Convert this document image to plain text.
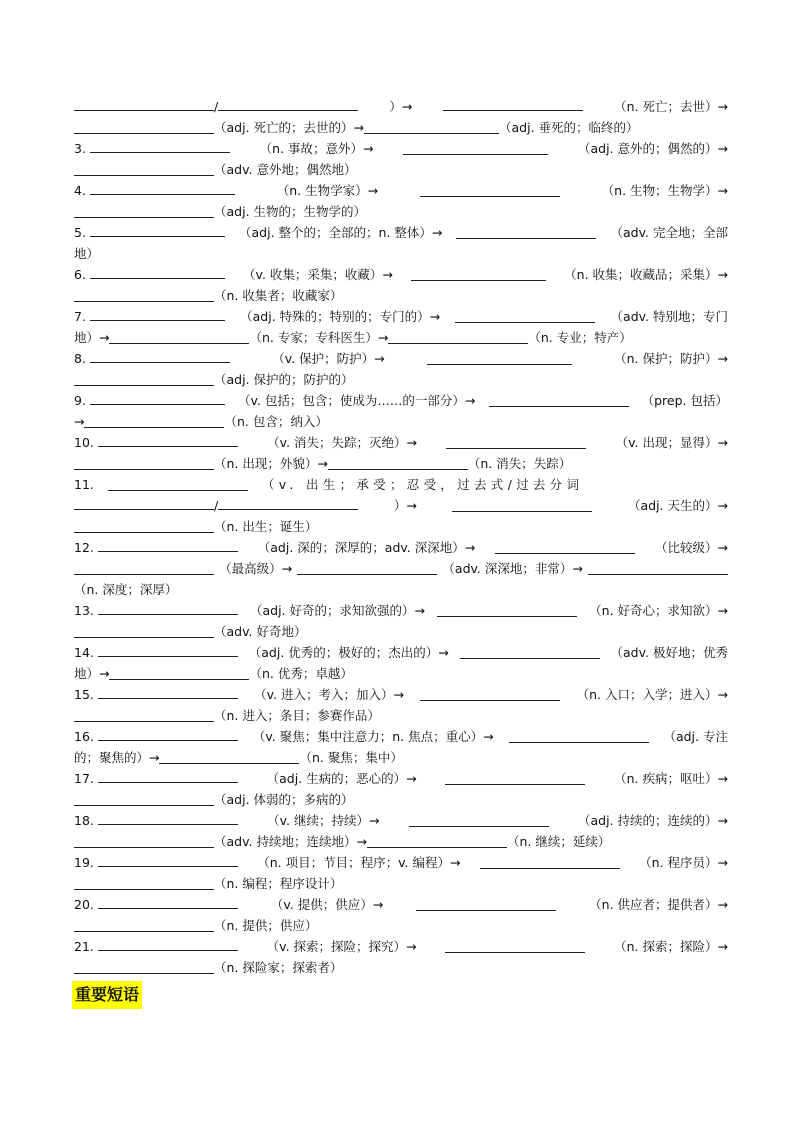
/	）→	（n. 死亡；去世）→
（adj. 死亡的；去世的）→	（adj. 垂死的；临终的）
3.	（n. 事故；意外）→	（adj. 意外的；偶然的）→
（adv. 意外地；偶然地）
4.	（n. 生物学家）→	（n. 生物；生物学）→
（adj. 生物的；生物学的）
5.	（adj. 整个的；全部的；n. 整体）→	（adv. 完全地；全部
地）
6.	（v. 收集；采集；收藏）→	（n. 收集；收藏品；采集）→
（n. 收集者；收藏家）
7.	（adj. 特殊的；特别的；专门的）→	（adv. 特别地；专门
地）→	（n. 专家；专科医生）→	（n. 专业；特产）
8.	（v. 保护；防护）→	（n. 保护；防护）→
（adj. 保护的；防护的）
9.	（v. 包括；包含；使成为……的一部分）→	（prep. 包括）
→	（n. 包含；纳入）
10.	（v. 消失；失踪；灭绝）→	（v. 出现；显得）→
（n. 出现；外貌）→	（n. 消失；失踪）
11.	（v. 出生；承受；忍受，过去式/过去分词
/	）→	（adj. 天生的）→
（n. 出生；诞生）
12.	（adj. 深的；深厚的；adv. 深深地）→	（比较级）→
（最高级）→	（adv. 深深地；非常）→
（n. 深度；深厚）
13.	（adj. 好奇的；求知欲强的）→	（n. 好奇心；求知欲）→
（adv. 好奇地）
14.	（adj. 优秀的；极好的；杰出的）→	（adv. 极好地；优秀
地）→	（n. 优秀；卓越）
15.	（v. 进入；考入；加入）→	（n. 入口；入学；进入）→
（n. 进入；条目；参赛作品）
16.	（v. 聚焦；集中注意力；n. 焦点；重心）→	（adj. 专注
的；聚焦的）→	（n. 聚焦；集中）
17.	（adj. 生病的；恶心的）→	（n. 疾病；呕吐）→
（adj. 体弱的；多病的）
18.	（v. 继续；持续）→	（adj. 持续的；连续的）→
（adv. 持续地；连续地）→	（n. 继续；延续）
19.	（n. 项目；节目；程序；v. 编程）→	（n. 程序员）→
（n. 编程；程序设计）
20.	（v. 提供；供应）→	（n. 供应者；提供者）→
（n. 提供；供应）
21.	（v. 探索；探险；探究）→	（n. 探索；探险）→
（n. 探险家；探索者）
重要短语
